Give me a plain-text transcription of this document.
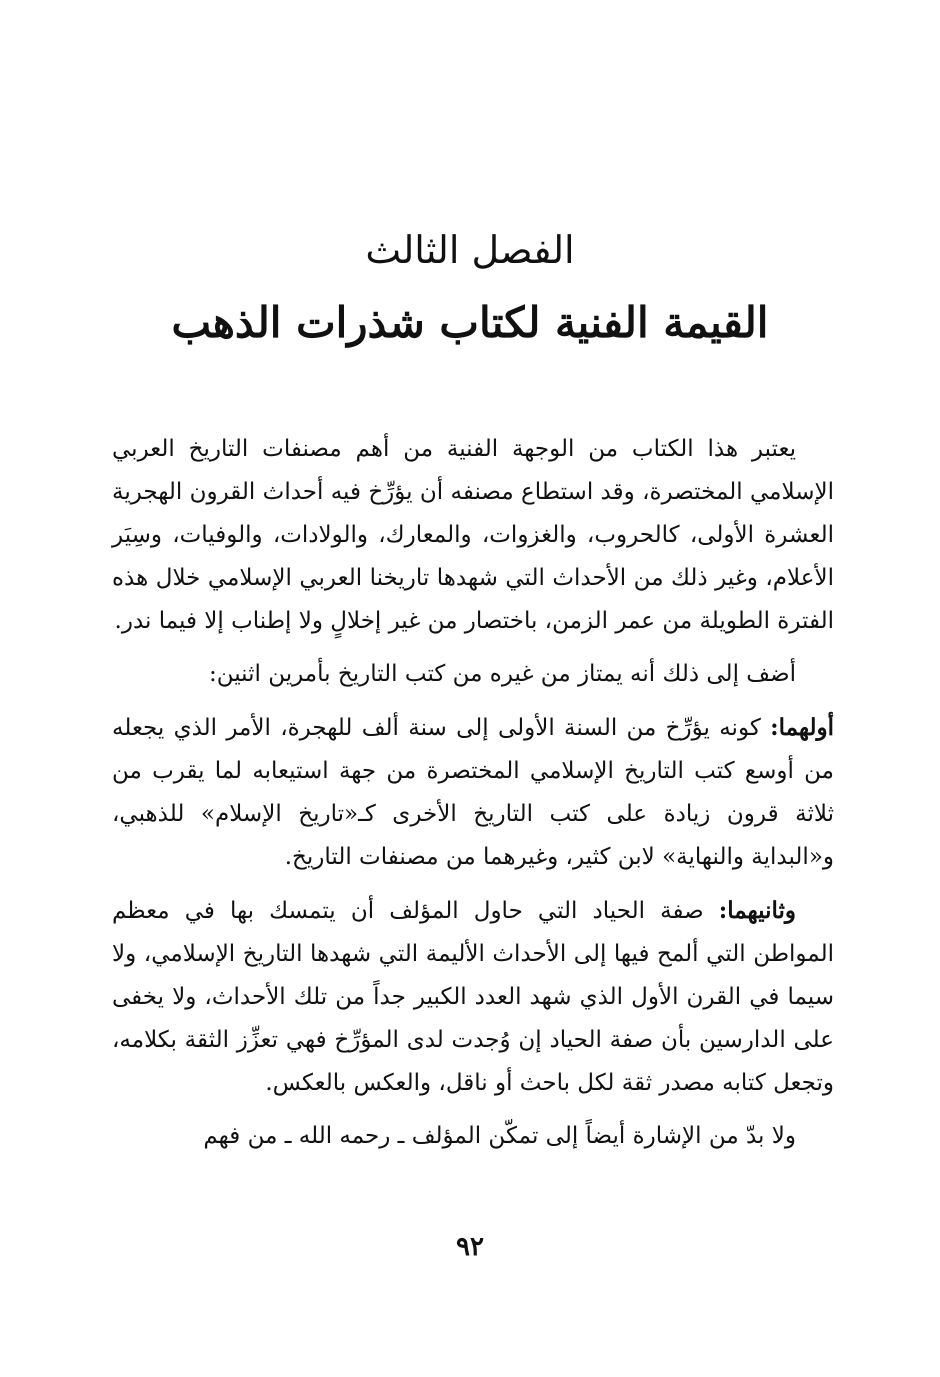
الفصل الثالث
القيمة الفنية لكتاب شذرات الذهب

يعتبر هذا الكتاب من الوجهة الفنية من أهم مصنفات التاريخ العربي الإسلامي المختصرة، وقد استطاع مصنفه أن يؤرِّخ فيه أحداث القرون الهجرية العشرة الأولى، كالحروب، والغزوات، والمعارك، والولادات، والوفيات، وسِيَر الأعلام، وغير ذلك من الأحداث التي شهدها تاريخنا العربي الإسلامي خلال هذه الفترة الطويلة من عمر الزمن، باختصار من غير إخلالٍ ولا إطناب إلا فيما ندر.

أضف إلى ذلك أنه يمتاز من غيره من كتب التاريخ بأمرين اثنين:

أولهما: كونه يؤرِّخ من السنة الأولى إلى سنة ألف للهجرة، الأمر الذي يجعله من أوسع كتب التاريخ الإسلامي المختصرة من جهة استيعابه لما يقرب من ثلاثة قرون زيادة على كتب التاريخ الأخرى كـ«تاريخ الإسلام» للذهبي، و«البداية والنهاية» لابن كثير، وغيرهما من مصنفات التاريخ.

وثانيهما: صفة الحياد التي حاول المؤلف أن يتمسك بها في معظم المواطن التي ألمح فيها إلى الأحداث الأليمة التي شهدها التاريخ الإسلامي، ولا سيما في القرن الأول الذي شهد العدد الكبير جداً من تلك الأحداث، ولا يخفى على الدارسين بأن صفة الحياد إن وُجدت لدى المؤرِّخ فهي تعزِّز الثقة بكلامه، وتجعل كتابه مصدر ثقة لكل باحث أو ناقل، والعكس بالعكس.

ولا بدّ من الإشارة أيضاً إلى تمكّن المؤلف ـ رحمه الله ـ من فهم

٩٢
